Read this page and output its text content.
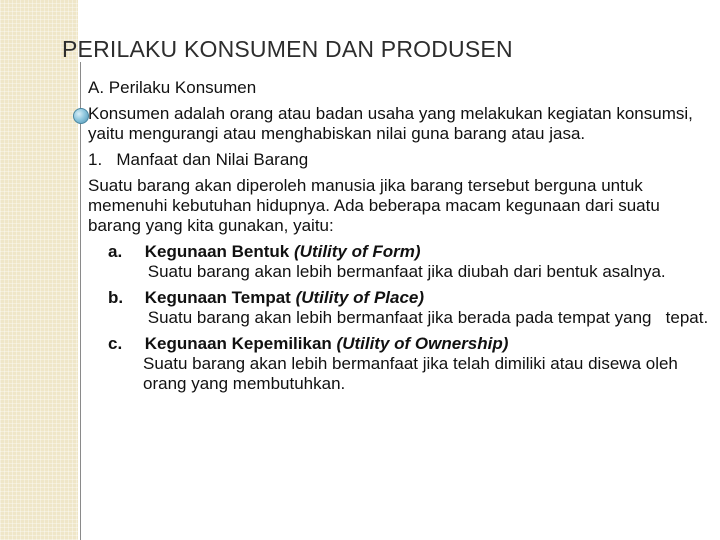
PERILAKU KONSUMEN DAN PRODUSEN

A. Perilaku Konsumen

Konsumen adalah orang atau badan usaha yang melakukan kegiatan konsumsi, yaitu mengurangi atau menghabiskan nilai guna barang atau jasa.

1.   Manfaat dan Nilai Barang

Suatu barang akan diperoleh manusia jika barang tersebut berguna untuk memenuhi kebutuhan hidupnya. Ada beberapa macam kegunaan dari suatu barang yang kita gunakan, yaitu:

a. Kegunaan Bentuk (Utility of Form)

Suatu barang akan lebih bermanfaat jika diubah dari bentuk asalnya.

b. Kegunaan Tempat (Utility of Place)

Suatu barang akan lebih bermanfaat jika berada pada tempat yang   tepat.

c. Kegunaan Kepemilikan (Utility of Ownership)

Suatu barang akan lebih bermanfaat jika telah dimiliki atau disewa oleh orang yang membutuhkan.
